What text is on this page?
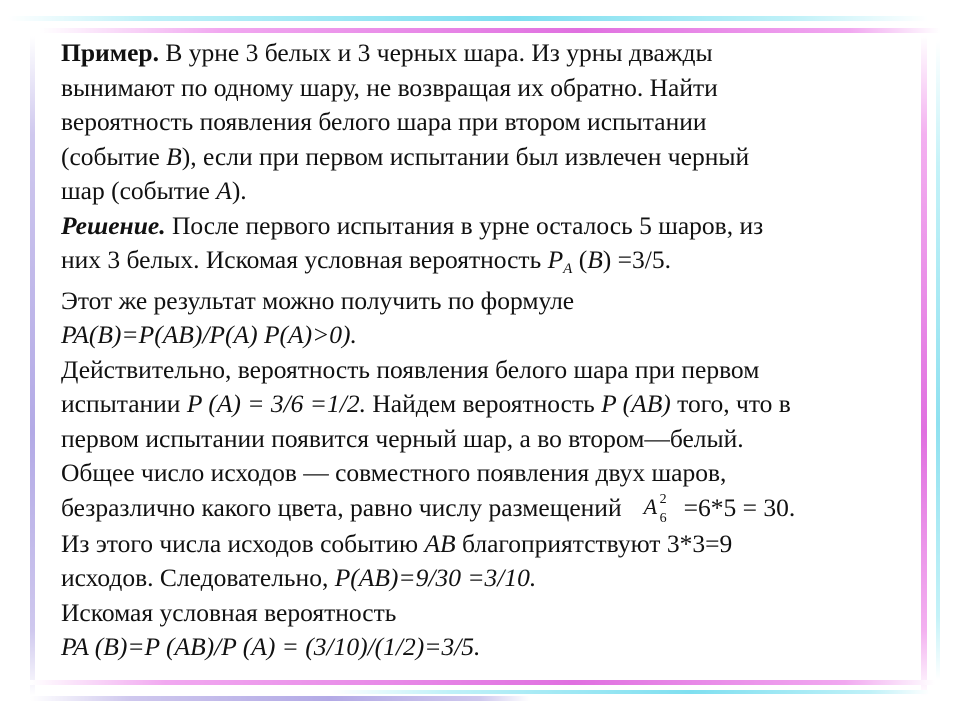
Пример. В урне 3 белых и 3 черных шара. Из урны дважды
вынимают по одному шару, не возвращая их обратно. Найти
вероятность появления белого шара при втором испытании
(событие B), если при первом испытании был извлечен черный
шар (событие A).
Решение. После первого испытания в урне осталось 5 шаров, из
них 3 белых. Искомая условная вероятность PA (B) =3/5.
Этот же результат можно получить по формуле
PA(B)=P(AB)/P(A) P(A)>0).
Действительно, вероятность появления белого шара при первом
испытании P (A) = 3/6 =1/2. Найдем вероятность P (AB) того, что в
первом испытании появится черный шар, а во втором—белый.
Общее число исходов — совместного появления двух шаров,
безразлично какого цвета, равно числу размещений A 2
6 =6*5 = 30.
Из этого числа исходов событию AB благоприятствуют 3*3=9
исходов. Следовательно, P(AB)=9/30 =3/10.
Искомая условная вероятность
PA (B)=P (AB)/P (A) = (3/10)/(1/2)=3/5.
